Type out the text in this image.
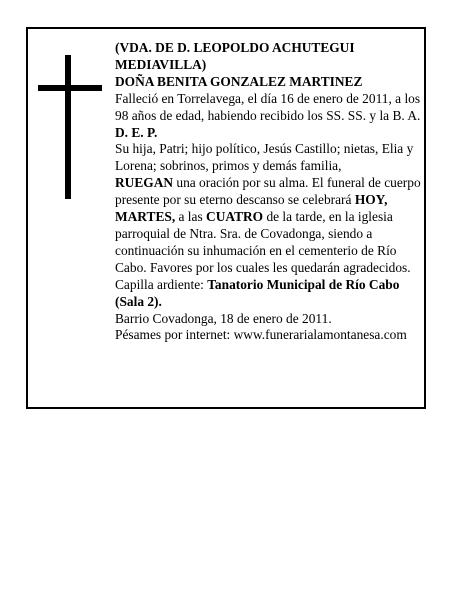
(VDA. DE D. LEOPOLDO ACHUTEGUI MEDIAVILLA)

DOÑA BENITA GONZALEZ MARTINEZ

Falleció en Torrelavega, el día 16 de enero de 2011, a los 98 años de edad, habiendo recibido los SS. SS. y la B. A.

D. E. P.

Su hija, Patri; hijo político, Jesús Castillo; nietas, Elia y Lorena; sobrinos, primos y demás familia,

RUEGAN una oración por su alma. El funeral de cuerpo presente por su eterno descanso se celebrará HOY, MARTES, a las CUATRO de la tarde, en la iglesia parroquial de Ntra. Sra. de Covadonga, siendo a continuación su inhumación en el cementerio de Río Cabo. Favores por los cuales les quedarán agradecidos.

Capilla ardiente: Tanatorio Municipal de Río Cabo (Sala 2).

Barrio Covadonga, 18 de enero de 2011.

Pésames por internet: www.funerarialamontanesa.com
